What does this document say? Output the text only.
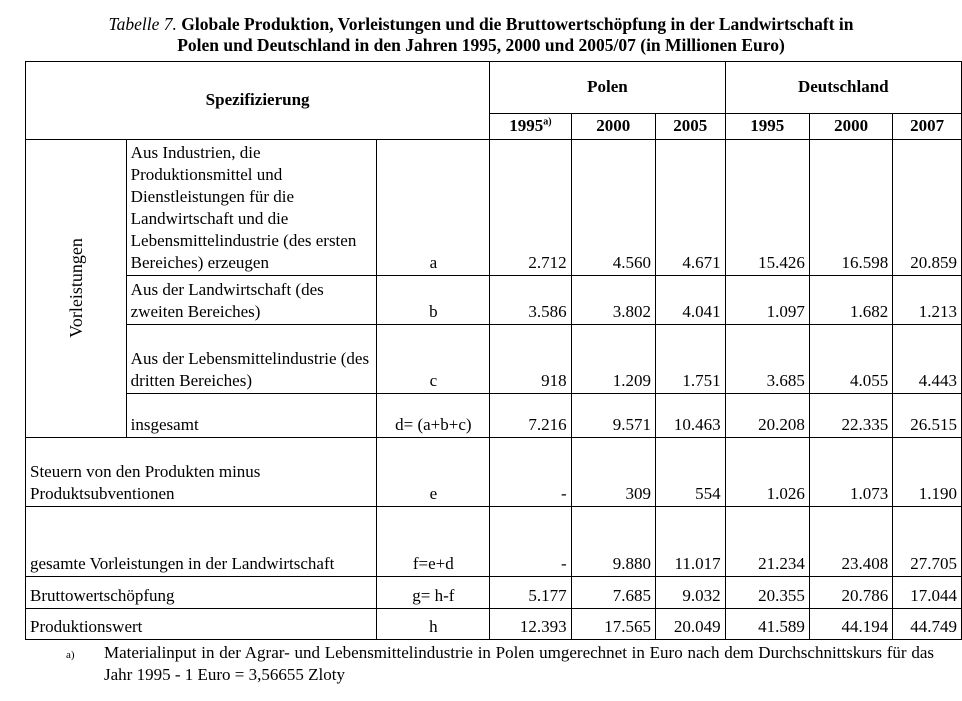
Tabelle 7. Globale Produktion, Vorleistungen und die Bruttowertschöpfung in der Landwirtschaft in
Polen und Deutschland in den Jahren 1995, 2000 und 2005/07 (in Millionen Euro)
Spezifizierung			Polen			Deutschland		
			1995$^{a)}$	2000	2005	1995	2000	2007
Vorleistungen	Aus Industrien, die Produktionsmittel und Dienstleistungen für die Landwirtschaft und die Lebensmittelindustrie (des ersten Bereiches) erzeugen	a	2.712	4.560	4.671	15.426	16.598	20.859
	Aus der Landwirtschaft (des zweiten Bereiches)	b	3.586	3.802	4.041	1.097	1.682	1.213
	Aus der Lebensmittelindustrie (des dritten Bereiches)	c	918	1.209	1.751	3.685	4.055	4.443
	insgesamt	d= (a+b+c)	7.216	9.571	10.463	20.208	22.335	26.515
Steuern von den Produkten minus Produktsubventionen		e	-	309	554	1.026	1.073	1.190
gesamte Vorleistungen in der Landwirtschaft		f=e+d	-	9.880	11.017	21.234	23.408	27.705
Bruttowertschöpfung		g= h-f	5.177	7.685	9.032	20.355	20.786	17.044
Produktionswert		h	12.393	17.565	20.049	41.589	44.194	44.749
a) Materialinput in der Agrar- und Lebensmittelindustrie in Polen umgerechnet in Euro nach dem Durchschnittskurs für das Jahr 1995 - 1 Euro = 3,56655 Zloty
